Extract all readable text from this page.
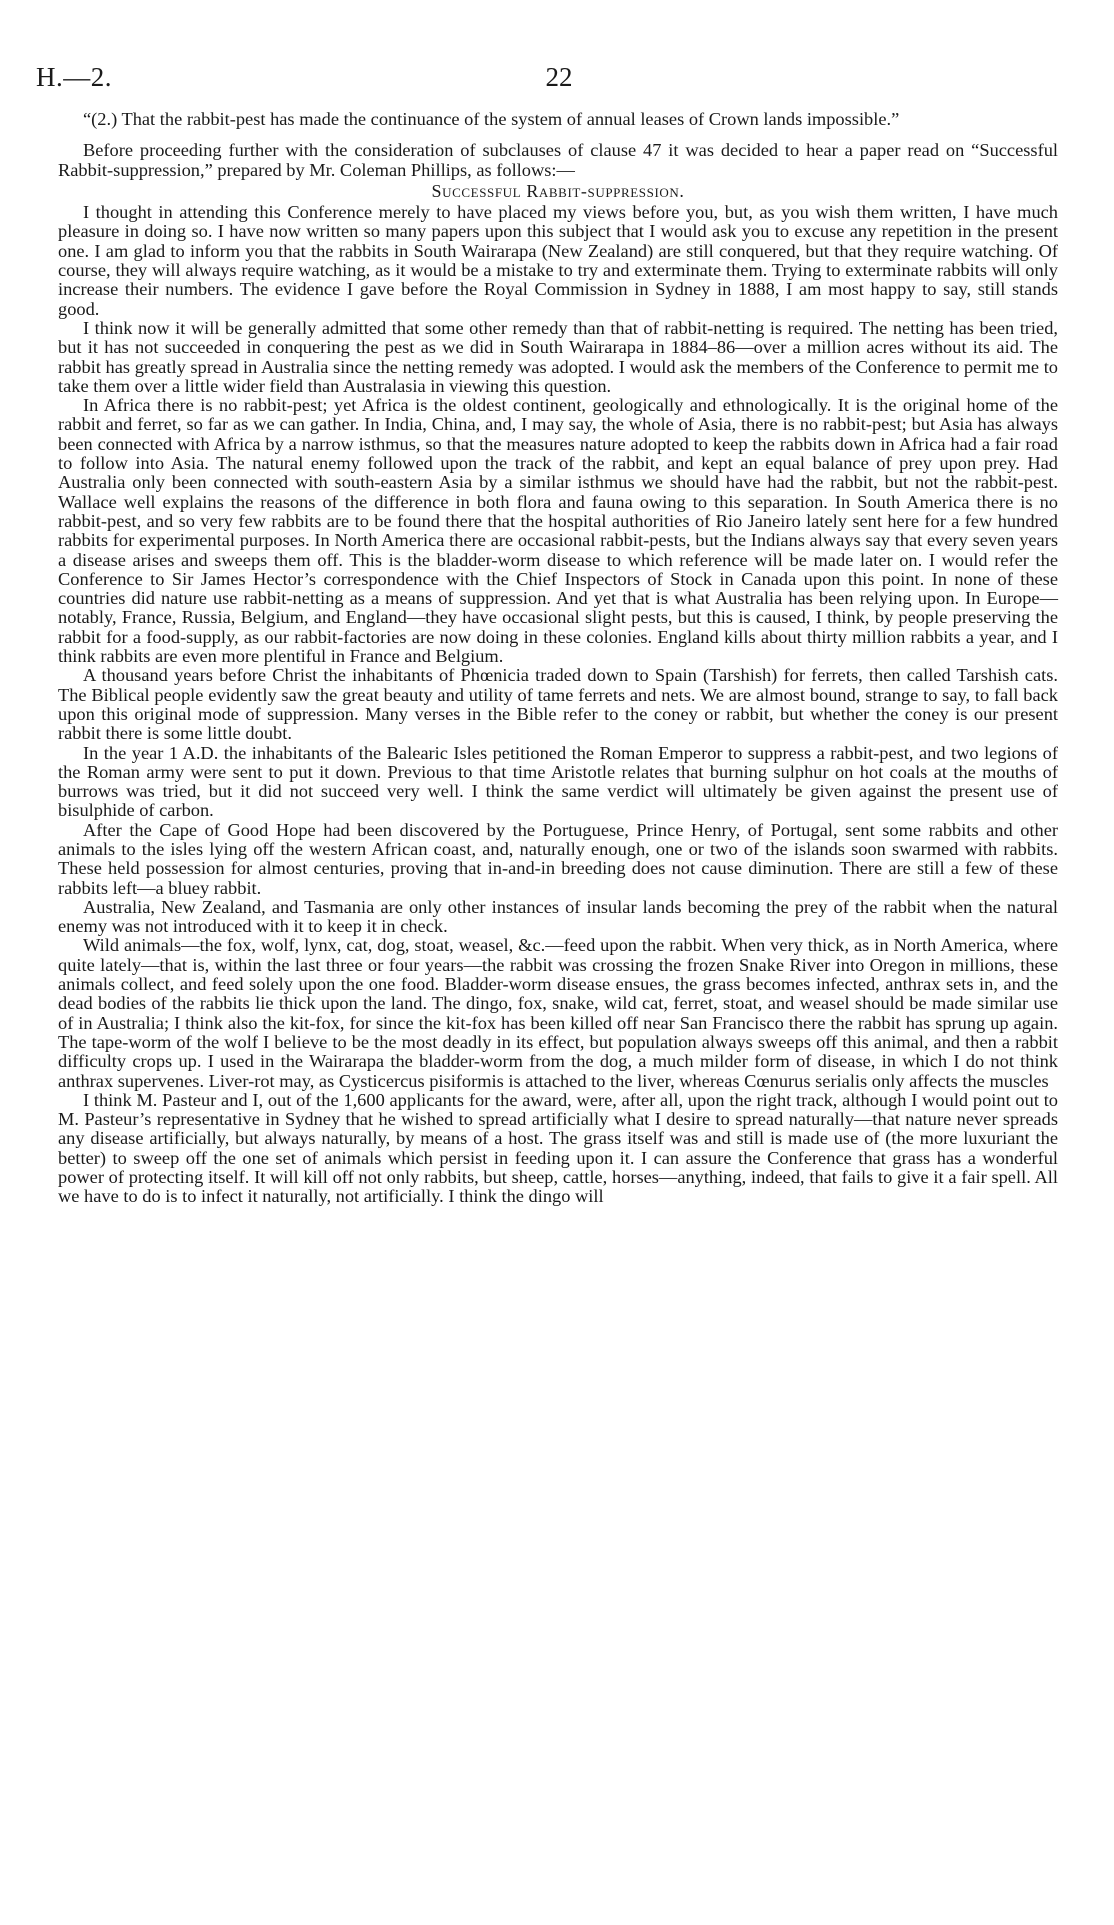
H.—2.	22

“(2.) That the rabbit-pest has made the continuance of the system of annual leases of Crown lands impossible.”

Before proceeding further with the consideration of subclauses of clause 47 it was decided to hear a paper read on “Successful Rabbit-suppression,” prepared by Mr. Coleman Phillips, as follows:—

Successful Rabbit-suppression.

I thought in attending this Conference merely to have placed my views before you, but, as you wish them written, I have much pleasure in doing so. I have now written so many papers upon this subject that I would ask you to excuse any repetition in the present one. I am glad to inform you that the rabbits in South Wairarapa (New Zealand) are still conquered, but that they require watching. Of course, they will always require watching, as it would be a mistake to try and exterminate them. Trying to exterminate rabbits will only increase their numbers. The evidence I gave before the Royal Commission in Sydney in 1888, I am most happy to say, still stands good.

I think now it will be generally admitted that some other remedy than that of rabbit-netting is required. The netting has been tried, but it has not succeeded in conquering the pest as we did in South Wairarapa in 1884–86—over a million acres without its aid. The rabbit has greatly spread in Australia since the netting remedy was adopted. I would ask the members of the Conference to permit me to take them over a little wider field than Australasia in viewing this question.

In Africa there is no rabbit-pest; yet Africa is the oldest continent, geologically and ethnologically. It is the original home of the rabbit and ferret, so far as we can gather. In India, China, and, I may say, the whole of Asia, there is no rabbit-pest; but Asia has always been connected with Africa by a narrow isthmus, so that the measures nature adopted to keep the rabbits down in Africa had a fair road to follow into Asia. The natural enemy followed upon the track of the rabbit, and kept an equal balance of prey upon prey. Had Australia only been connected with south-eastern Asia by a similar isthmus we should have had the rabbit, but not the rabbit-pest. Wallace well explains the reasons of the difference in both flora and fauna owing to this separation. In South America there is no rabbit-pest, and so very few rabbits are to be found there that the hospital authorities of Rio Janeiro lately sent here for a few hundred rabbits for experimental purposes. In North America there are occasional rabbit-pests, but the Indians always say that every seven years a disease arises and sweeps them off. This is the bladder-worm disease to which reference will be made later on. I would refer the Conference to Sir James Hector’s correspondence with the Chief Inspectors of Stock in Canada upon this point. In none of these countries did nature use rabbit-netting as a means of suppression. And yet that is what Australia has been relying upon. In Europe—notably, France, Russia, Belgium, and England—they have occasional slight pests, but this is caused, I think, by people preserving the rabbit for a food-supply, as our rabbit-factories are now doing in these colonies. England kills about thirty million rabbits a year, and I think rabbits are even more plentiful in France and Belgium.

A thousand years before Christ the inhabitants of Phœnicia traded down to Spain (Tarshish) for ferrets, then called Tarshish cats. The Biblical people evidently saw the great beauty and utility of tame ferrets and nets. We are almost bound, strange to say, to fall back upon this original mode of suppression. Many verses in the Bible refer to the coney or rabbit, but whether the coney is our present rabbit there is some little doubt.

In the year 1 A.D. the inhabitants of the Balearic Isles petitioned the Roman Emperor to suppress a rabbit-pest, and two legions of the Roman army were sent to put it down. Previous to that time Aristotle relates that burning sulphur on hot coals at the mouths of burrows was tried, but it did not succeed very well. I think the same verdict will ultimately be given against the present use of bisulphide of carbon.

After the Cape of Good Hope had been discovered by the Portuguese, Prince Henry, of Portugal, sent some rabbits and other animals to the isles lying off the western African coast, and, naturally enough, one or two of the islands soon swarmed with rabbits. These held possession for almost centuries, proving that in-and-in breeding does not cause diminution. There are still a few of these rabbits left—a bluey rabbit.

Australia, New Zealand, and Tasmania are only other instances of insular lands becoming the prey of the rabbit when the natural enemy was not introduced with it to keep it in check.

Wild animals—the fox, wolf, lynx, cat, dog, stoat, weasel, &c.—feed upon the rabbit. When very thick, as in North America, where quite lately—that is, within the last three or four years—the rabbit was crossing the frozen Snake River into Oregon in millions, these animals collect, and feed solely upon the one food. Bladder-worm disease ensues, the grass becomes infected, anthrax sets in, and the dead bodies of the rabbits lie thick upon the land. The dingo, fox, snake, wild cat, ferret, stoat, and weasel should be made similar use of in Australia; I think also the kit-fox, for since the kit-fox has been killed off near San Francisco there the rabbit has sprung up again. The tape-worm of the wolf I believe to be the most deadly in its effect, but population always sweeps off this animal, and then a rabbit difficulty crops up. I used in the Wairarapa the bladder-worm from the dog, a much milder form of disease, in which I do not think anthrax supervenes. Liver-rot may, as Cysticercus pisiformis is attached to the liver, whereas Cœnurus serialis only affects the muscles

I think M. Pasteur and I, out of the 1,600 applicants for the award, were, after all, upon the right track, although I would point out to M. Pasteur’s representative in Sydney that he wished to spread artificially what I desire to spread naturally—that nature never spreads any disease artificially, but always naturally, by means of a host. The grass itself was and still is made use of (the more luxuriant the better) to sweep off the one set of animals which persist in feeding upon it. I can assure the Conference that grass has a wonderful power of protecting itself. It will kill off not only rabbits, but sheep, cattle, horses—anything, indeed, that fails to give it a fair spell. All we have to do is to infect it naturally, not artificially. I think the dingo will
